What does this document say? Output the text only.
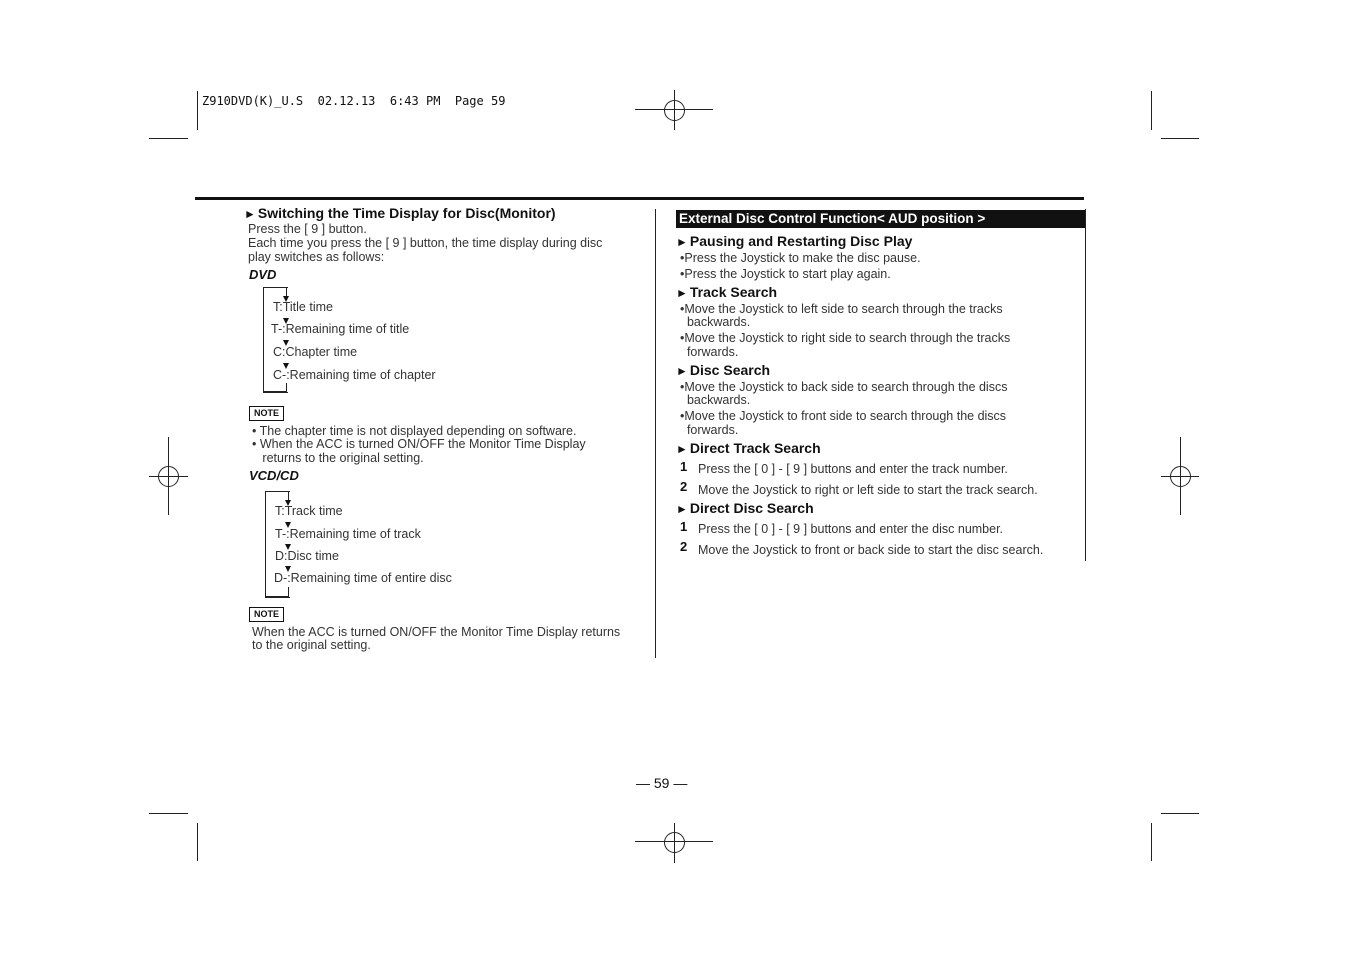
Z910DVD(K)_U.S  02.12.13  6:43 PM  Page 59
► Switching the Time Display for Disc(Monitor)
Press the [ 9 ] button.
Each time you press the [ 9 ] button, the time display during disc
play switches as follows:
DVD
T:Title time
T-:Remaining time of title
C:Chapter time
C-:Remaining time of chapter
NOTE
• The chapter time is not displayed depending on software.
• When the ACC is turned ON/OFF the Monitor Time Display
returns to the original setting.
VCD/CD
T:Track time
T-:Remaining time of track
D:Disc time
D-:Remaining time of entire disc
NOTE
When the ACC is turned ON/OFF the Monitor Time Display returns
to the original setting.
External Disc Control Function< AUD position >
► Pausing and Restarting Disc Play
•Press the Joystick to make the disc pause.
•Press the Joystick to start play again.
► Track Search
•Move the Joystick to left side to search through the tracks
backwards.
•Move the Joystick to right side to search through the tracks
forwards.
► Disc Search
•Move the Joystick to back side to search through the discs
backwards.
•Move the Joystick to front side to search through the discs
forwards.
► Direct Track Search
1 Press the [ 0 ] - [ 9 ] buttons and enter the track number.
2 Move the Joystick to right or left side to start the track search.
► Direct Disc Search
1 Press the [ 0 ] - [ 9 ] buttons and enter the disc number.
2 Move the Joystick to front or back side to start the disc search.
— 59 —
